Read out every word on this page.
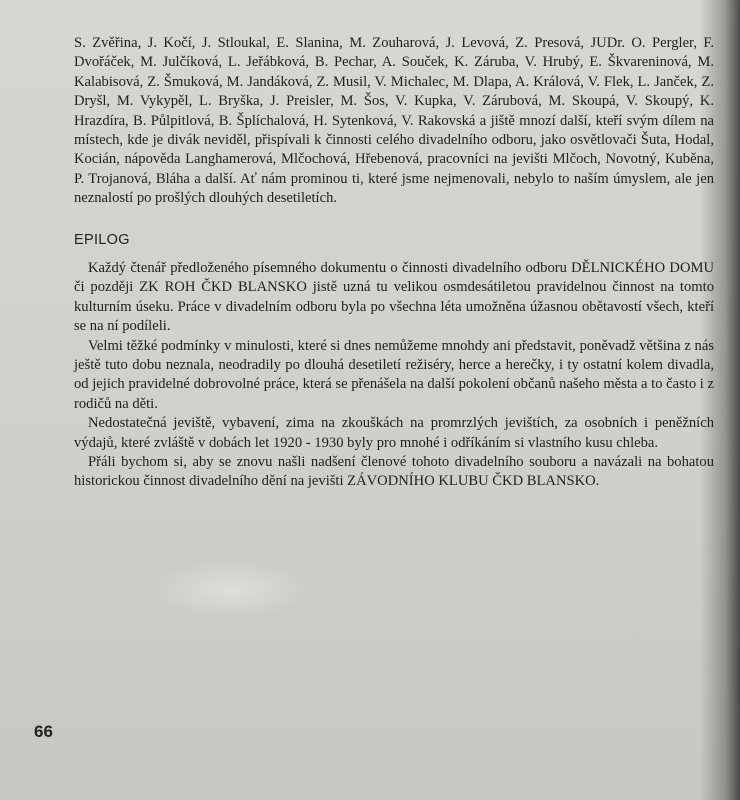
S. Zvěřina, J. Kočí, J. Stloukal, E. Slanina, M. Zouharová, J. Levová, Z. Presová, JUDr. O. Pergler, F. Dvořáček, M. Julčíková, L. Jeřábková, B. Pechar, A. Souček, K. Záruba, V. Hrubý, E. Škvareninová, M. Kalabisová, Z. Šmuková, M. Jandáková, Z. Musil, V. Michalec, M. Dlapa, A. Králová, V. Flek, L. Janček, Z. Dryšl, M. Vykypěl, L. Bryška, J. Preisler, M. Šos, V. Kupka, V. Zárubová, M. Skoupá, V. Skoupý, K. Hrazdíra, B. Půlpitlová, B. Šplíchalová, H. Sytenková, V. Rakovská a jiště mnozí další, kteří svým dílem na místech, kde je divák neviděl, přispívali k činnosti celého divadelního odboru, jako osvětlovači Šuta, Hodal, Kocián, nápověda Langhamerová, Mlčochová, Hřebenová, pracovníci na jevišti Mlčoch, Novotný, Kuběna, P. Trojanová, Bláha a další. Ať nám prominou ti, které jsme nejmenovali, nebylo to naším úmyslem, ale jen neznalostí po prošlých dlouhých desetiletích.
EPILOG

Každý čtenář předloženého písemného dokumentu o činnosti divadelního odboru DĚLNICKÉHO DOMU či později ZK ROH ČKD BLANSKO jistě uzná tu velikou osmdesátiletou pravidelnou činnost na tomto kulturním úseku. Práce v divadelním odboru byla po všechna léta umožněna úžasnou obětavostí všech, kteří se na ní podíleli.

Velmi těžké podmínky v minulosti, které si dnes nemůžeme mnohdy ani představit, poněvadž většina z nás ještě tuto dobu neznala, neodradily po dlouhá desetiletí režiséry, herce a herečky, i ty ostatní kolem divadla, od jejich pravidelné dobrovolné práce, která se přenášela na další pokolení občanů našeho města a to často i z rodičů na děti.

Nedostatečná jeviště, vybavení, zima na zkouškách na promrzlých jevištích, za osobních i peněžních výdajů, které zvláště v dobách let 1920 - 1930 byly pro mnohé i odříkáním si vlastního kusu chleba.

Přáli bychom si, aby se znovu našli nadšení členové tohoto divadelního souboru a navázali na bohatou historickou činnost divadelního dění na jevišti ZÁVODNÍHO KLUBU ČKD BLANSKO.

66
